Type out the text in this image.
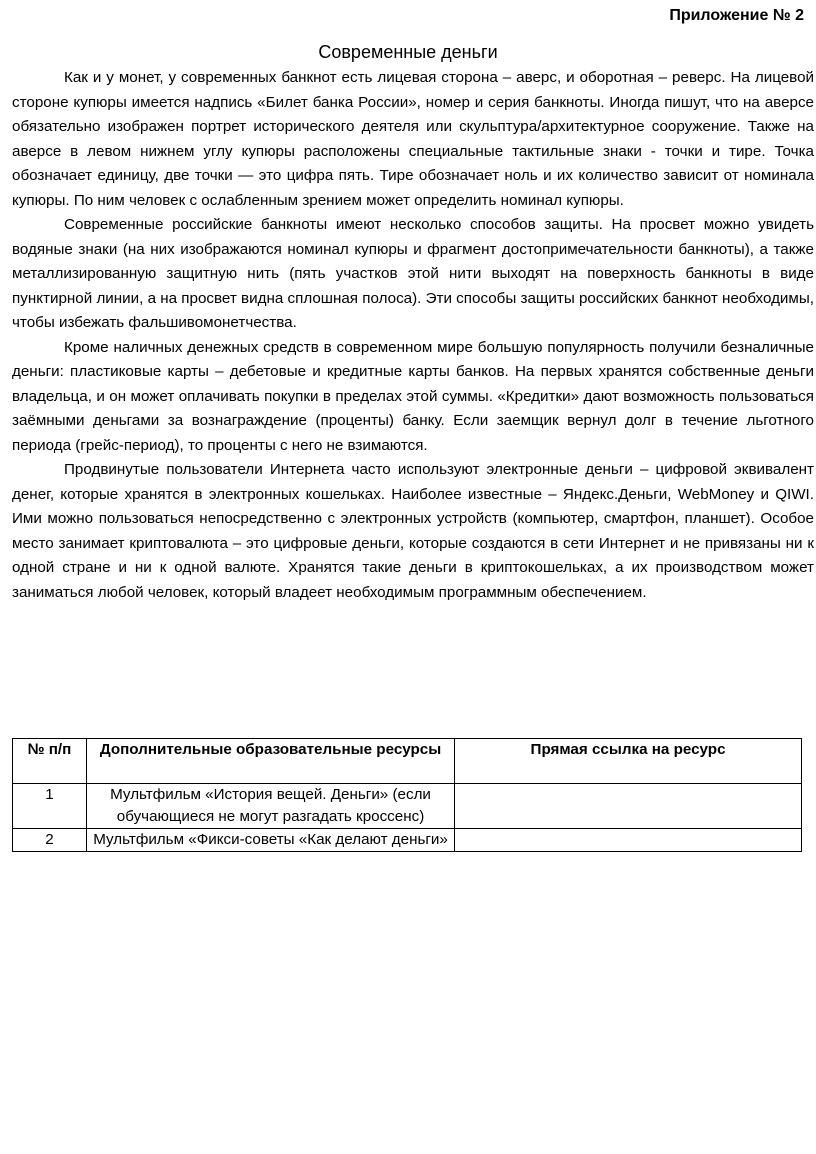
Приложение № 2
Современные деньги

Как и у монет, у современных банкнот есть лицевая сторона – аверс, и оборотная – реверс. На лицевой стороне купюры имеется надпись «Билет банка России», номер и серия банкноты. Иногда пишут, что на аверсе обязательно изображен портрет исторического деятеля или скульптура/архитектурное сооружение. Также на аверсе в левом нижнем углу купюры расположены специальные тактильные знаки - точки и тире. Точка обозначает единицу, две точки — это цифра пять. Тире обозначает ноль и их количество зависит от номинала купюры. По ним человек с ослабленным зрением может определить номинал купюры.

Современные российские банкноты имеют несколько способов защиты. На просвет можно увидеть водяные знаки (на них изображаются номинал купюры и фрагмент достопримечательности банкноты), а также металлизированную защитную нить (пять участков этой нити выходят на поверхность банкноты в виде пунктирной линии, а на просвет видна сплошная полоса). Эти способы защиты российских банкнот необходимы, чтобы избежать фальшивомонетчества.

Кроме наличных денежных средств в современном мире большую популярность получили безналичные деньги: пластиковые карты – дебетовые и кредитные карты банков. На первых хранятся собственные деньги владельца, и он может оплачивать покупки в пределах этой суммы. «Кредитки» дают возможность пользоваться заёмными деньгами за вознаграждение (проценты) банку. Если заемщик вернул долг в течение льготного периода (грейс-период), то проценты с него не взимаются.

Продвинутые пользователи Интернета часто используют электронные деньги – цифровой эквивалент денег, которые хранятся в электронных кошельках. Наиболее известные – Яндекс.Деньги, WebMoney и QIWI. Ими можно пользоваться непосредственно с электронных устройств (компьютер, смартфон, планшет). Особое место занимает криптовалюта – это цифровые деньги, которые создаются в сети Интернет и не привязаны ни к одной стране и ни к одной валюте. Хранятся такие деньги в криптокошельках, а их производством может заниматься любой человек, который владеет необходимым программным обеспечением.

№ п/п	Дополнительные образовательные ресурсы	Прямая ссылка на ресурс
1	Мультфильм «История вещей. Деньги» (если обучающиеся не могут разгадать кроссенс)	
2	Мультфильм «Фикси-советы «Как делают деньги»	
